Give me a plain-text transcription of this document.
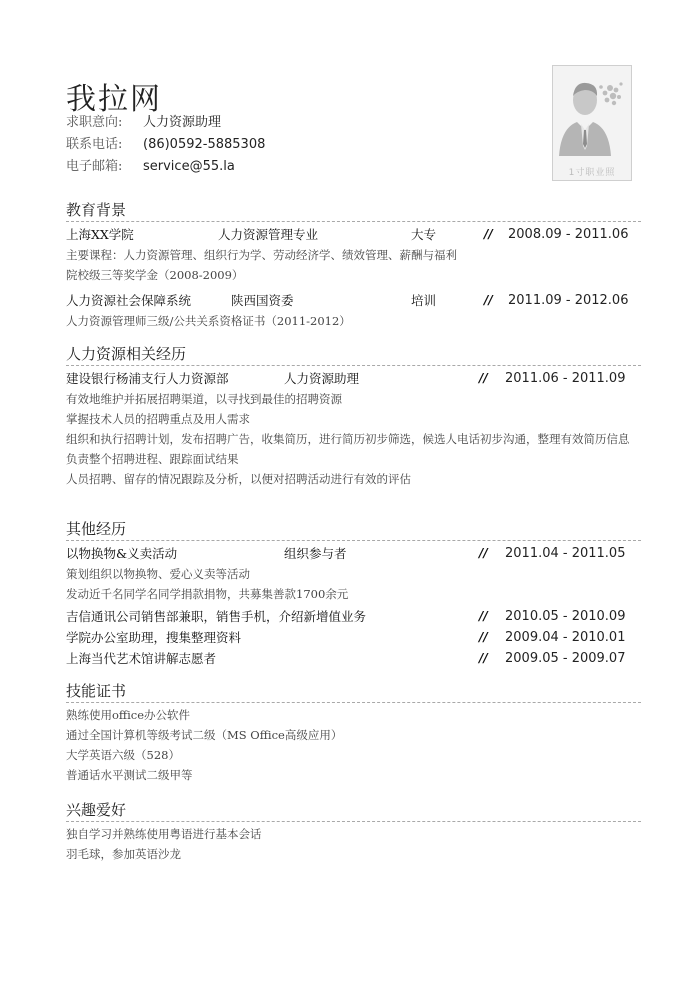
我拉网
求职意向:	人力资源助理
联系电话:	(86)0592-5885308
电子邮箱:	service@55.la	1寸职业照
教育背景
上海XX学院	人力资源管理专业	大专	// 2008.09 - 2011.06
主要课程：人力资源管理、组织行为学、劳动经济学、绩效管理、薪酬与福利
院校级三等奖学金（2008-2009）
人力资源社会保障系统	陕西国资委	培训	// 2011.09 - 2012.06
人力资源管理师三级/公共关系资格证书（2011-2012）
人力资源相关经历
建设银行杨浦支行人力资源部	人力资源助理	// 2011.06 - 2011.09
有效地维护并拓展招聘渠道，以寻找到最佳的招聘资源
掌握技术人员的招聘重点及用人需求
组织和执行招聘计划，发布招聘广告，收集简历，进行简历初步筛选，候选人电话初步沟通，整理有效简历信息
负责整个招聘进程、跟踪面试结果
人员招聘、留存的情况跟踪及分析，以便对招聘活动进行有效的评估
其他经历
以物换物&义卖活动	组织参与者	// 2011.04 - 2011.05
策划组织以物换物、爱心义卖等活动
发动近千名同学名同学捐款捐物，共募集善款1700余元
吉信通讯公司销售部兼职，销售手机，介绍新增值业务	// 2010.05 - 2010.09
学院办公室助理，搜集整理资料	// 2009.04 - 2010.01
上海当代艺术馆讲解志愿者	// 2009.05 - 2009.07
技能证书
熟练使用office办公软件
通过全国计算机等级考试二级（MS Office高级应用）
大学英语六级（528）
普通话水平测试二级甲等
兴趣爱好
独自学习并熟练使用粤语进行基本会话
羽毛球，参加英语沙龙
